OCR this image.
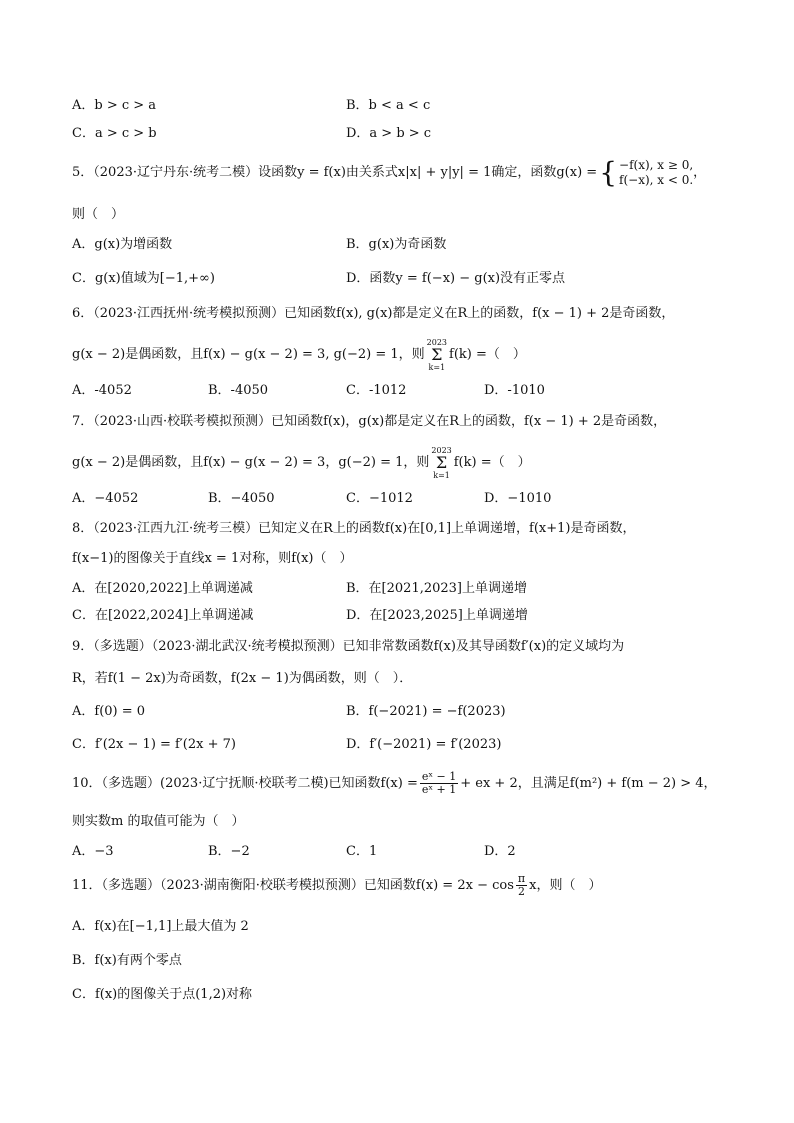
A．b > c > a	B．b < a < c
C．a > c > b	D．a > b > c
5．（2023·辽宁丹东·统考二模）设函数y = f(x)由关系式x|x| + y|y| = 1确定，函数g(x) ={ −f(x), x ≥ 0,
f(−x), x < 0. ，
则（　）
A．g(x)为增函数	B．g(x)为奇函数
C．g(x)值域为[−1,+∞)	D．函数y = f(−x) − g(x)没有正零点
6．（2023·江西抚州·统考模拟预测）已知函数f(x), g(x)都是定义在R上的函数，f(x − 1) + 2是奇函数，
g(x − 2)是偶函数，且f(x) − g(x − 2) = 3, g(−2) = 1，则
2023
Σ
k=1
f(k) =（　）
A．-4052	B．-4050	C．-1012	D．-1010
7．（2023·山西·校联考模拟预测）已知函数f(x)，g(x)都是定义在R上的函数，f(x − 1) + 2是奇函数，
g(x − 2)是偶函数，且f(x) − g(x − 2) = 3，g(−2) = 1，则
2023
Σ
k=1
f(k) =（　）
A．−4052	B．−4050	C．−1012	D．−1010
8．（2023·江西九江·统考三模）已知定义在R上的函数f(x)在[0,1]上单调递增，f(x+1)是奇函数，
f(x−1)的图像关于直线x = 1对称，则f(x)（　）
A．在[2020,2022]上单调递减	B．在[2021,2023]上单调递增
C．在[2022,2024]上单调递减	D．在[2023,2025]上单调递增
9．（多选题）（2023·湖北武汉·统考模拟预测）已知非常数函数f(x)及其导函数f′(x)的定义域均为
R，若f(1 − 2x)为奇函数，f(2x − 1)为偶函数，则（　）．
A．f(0) = 0	B．f(−2021) = −f(2023)
C．f′(2x − 1) = f′(2x + 7)	D．f′(−2021) = f′(2023)
10．（多选题）(2023·辽宁抚顺·校联考二模)已知函数$f(x) = \frac{\text{eˣ − 1}}{\text{eˣ + 1}}$ + ex + 2，且满足f(m²) + f(m − 2) > 4，
则实数m 的取值可能为（　）
A．−3	B．−2	C．1	D．2
11．（多选题）（2023·湖南衡阳·校联考模拟预测）已知函数$f(x) = 2x - \cos \frac{\pi}{2}$ x，则（　）
A．f(x)在[−1,1]上最大值为 2
B．f(x)有两个零点
C．f(x)的图像关于点(1,2)对称
